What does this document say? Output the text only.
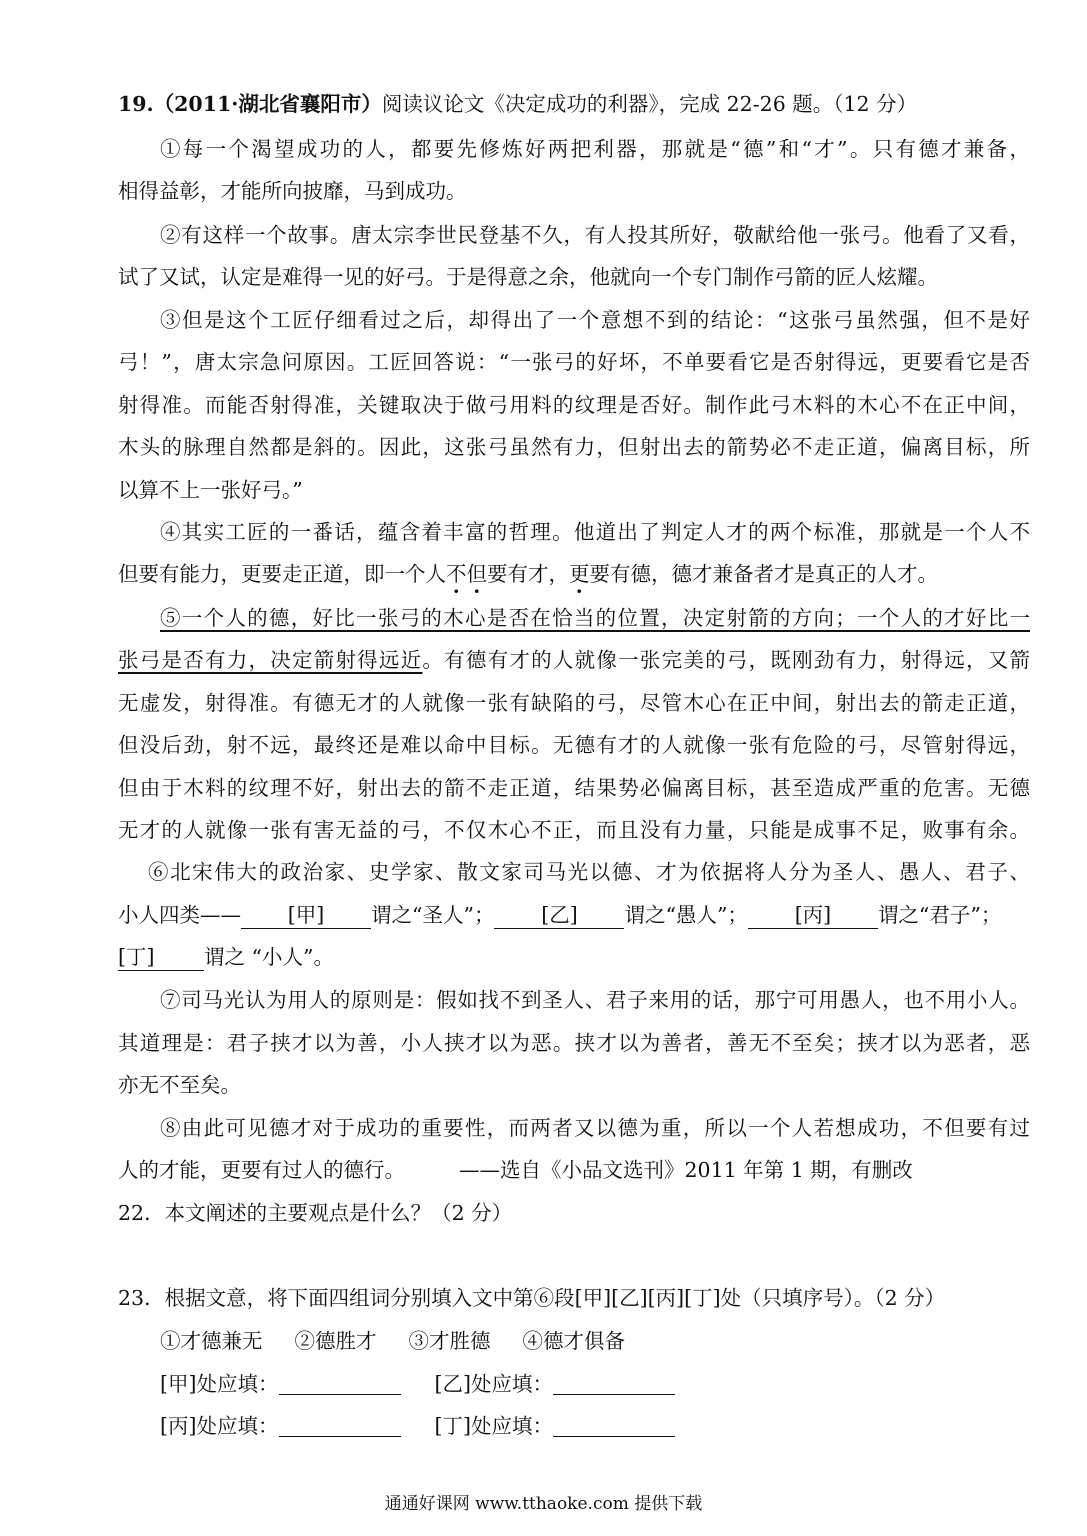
19.（2011·湖北省襄阳市）阅读议论文《决定成功的利器》，完成 22-26 题。（12 分）
①每一个渴望成功的人，都要先修炼好两把利器，那就是“德”和“才”。只有德才兼备，
相得益彰，才能所向披靡，马到成功。
②有这样一个故事。唐太宗李世民登基不久，有人投其所好，敬献给他一张弓。他看了又看，
试了又试，认定是难得一见的好弓。于是得意之余，他就向一个专门制作弓箭的匠人炫耀。
③但是这个工匠仔细看过之后，却得出了一个意想不到的结论：“这张弓虽然强，但不是好
弓！”，唐太宗急问原因。工匠回答说：“一张弓的好坏，不单要看它是否射得远，更要看它是否
射得准。而能否射得准，关键取决于做弓用料的纹理是否好。制作此弓木料的木心不在正中间，
木头的脉理自然都是斜的。因此，这张弓虽然有力，但射出去的箭势必不走正道，偏离目标，所
以算不上一张好弓。”
④其实工匠的一番话，蕴含着丰富的哲理。他道出了判定人才的两个标准，那就是一个人不
但要有能力，更要走正道，即一个人不但要有才，更要有德，德才兼备者才是真正的人才。
⑤一个人的德，好比一张弓的木心是否在恰当的位置，决定射箭的方向；一个人的才好比一
张弓是否有力，决定箭射得远近。有德有才的人就像一张完美的弓，既刚劲有力，射得远，又箭
无虚发，射得准。有德无才的人就像一张有缺陷的弓，尽管木心在正中间，射出去的箭走正道，
但没后劲，射不远，最终还是难以命中目标。无德有才的人就像一张有危险的弓，尽管射得远，
但由于木料的纹理不好，射出去的箭不走正道，结果势必偏离目标，甚至造成严重的危害。无德
无才的人就像一张有害无益的弓，不仅木心不正，而且没有力量，只能是成事不足，败事有余。
⑥北宋伟大的政治家、史学家、散文家司马光以德、才为依据将人分为圣人、愚人、君子、
小人四类—— [甲] 谓之“圣人”； [乙] 谓之“愚人”； [丙] 谓之“君子”；
[丁] 谓之 “小人”。
⑦司马光认为用人的原则是：假如找不到圣人、君子来用的话，那宁可用愚人，也不用小人。
其道理是：君子挟才以为善，小人挟才以为恶。挟才以为善者，善无不至矣；挟才以为恶者，恶
亦无不至矣。
⑧由此可见德才对于成功的重要性，而两者又以德为重，所以一个人若想成功，不但要有过
人的才能，更要有过人的德行。	——选自《小品文选刊》2011 年第 1 期，有删改
22．本文阐述的主要观点是什么？（2 分）
23．根据文意，将下面四组词分别填入文中第⑥段[甲][乙][丙][丁]处（只填序号）。（2 分）
①才德兼无 ②德胜才 ③才胜德 ④德才俱备
[甲]处应填：	[乙]处应填：
[丙]处应填：	[丁]处应填：
通通好课网 www.tthaoke.com 提供下载
